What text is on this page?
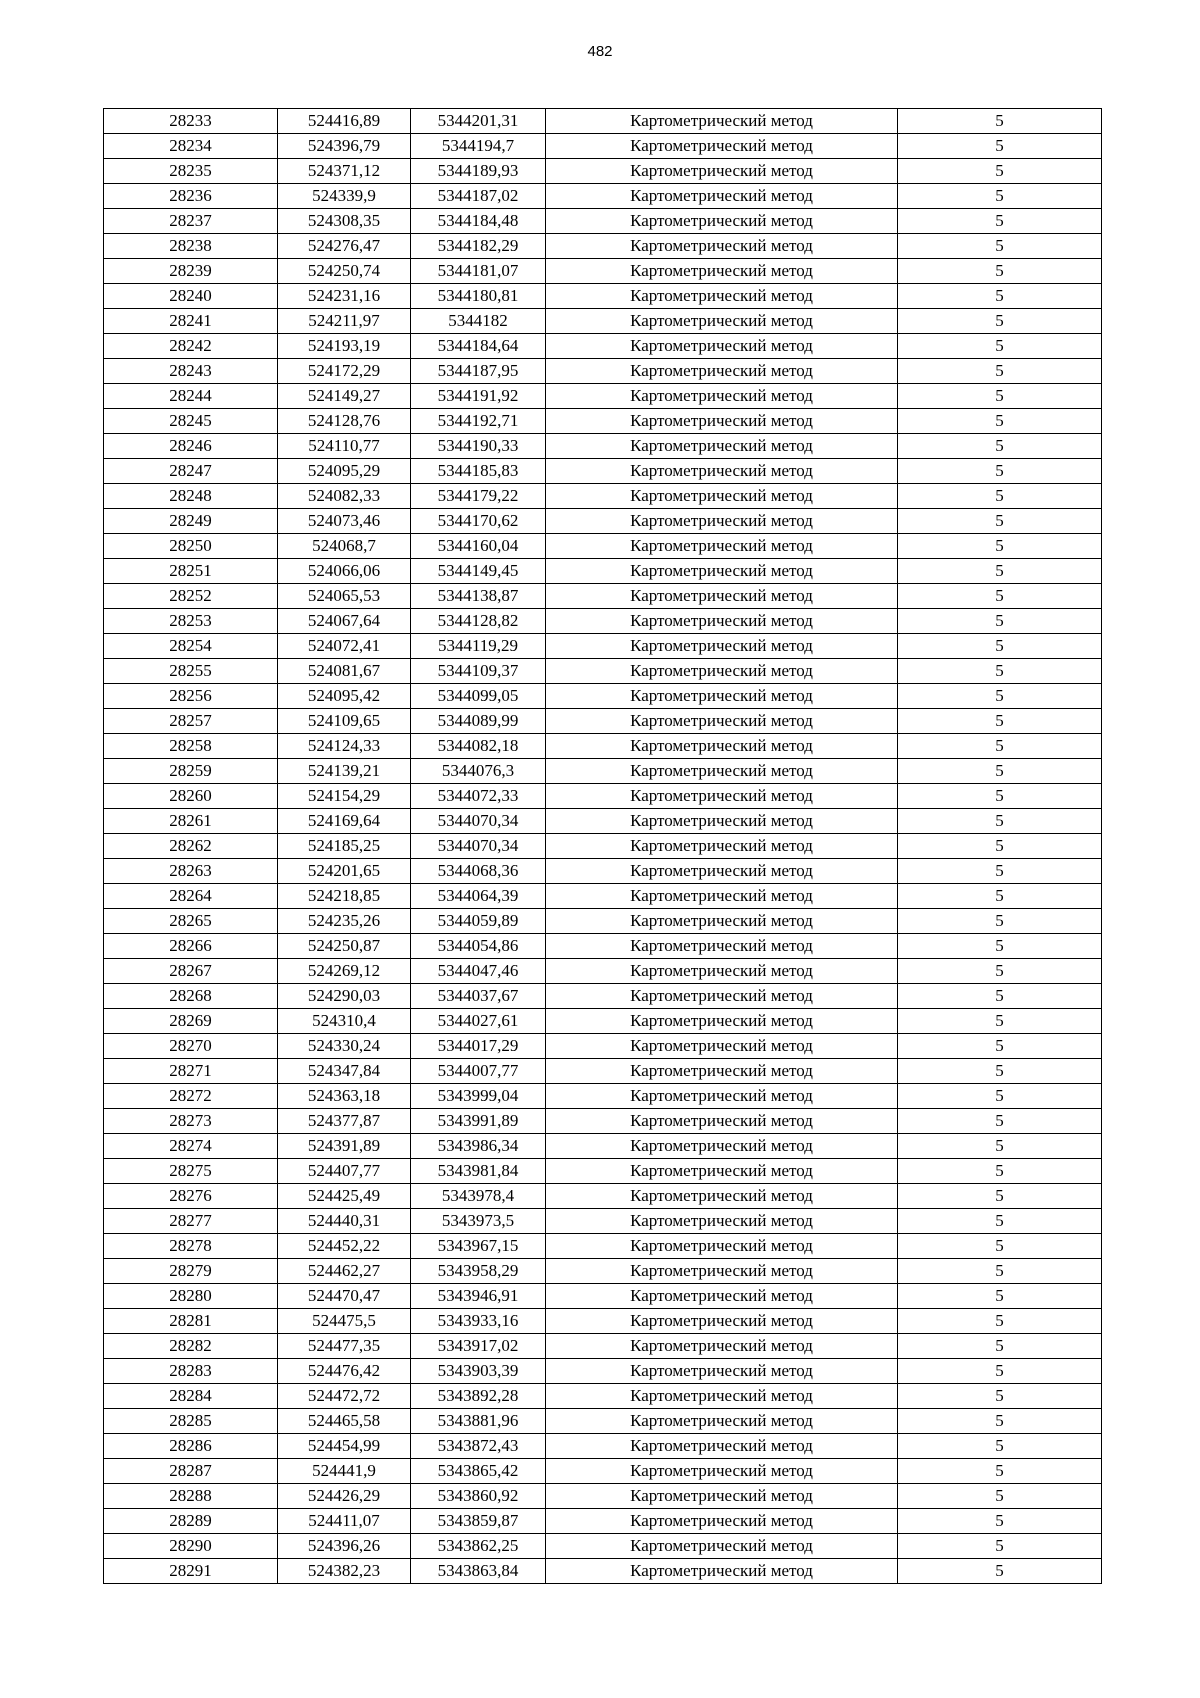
482
28233	524416,89	5344201,31	Картометрический метод	5
28234	524396,79	5344194,7	Картометрический метод	5
28235	524371,12	5344189,93	Картометрический метод	5
28236	524339,9	5344187,02	Картометрический метод	5
28237	524308,35	5344184,48	Картометрический метод	5
28238	524276,47	5344182,29	Картометрический метод	5
28239	524250,74	5344181,07	Картометрический метод	5
28240	524231,16	5344180,81	Картометрический метод	5
28241	524211,97	5344182	Картометрический метод	5
28242	524193,19	5344184,64	Картометрический метод	5
28243	524172,29	5344187,95	Картометрический метод	5
28244	524149,27	5344191,92	Картометрический метод	5
28245	524128,76	5344192,71	Картометрический метод	5
28246	524110,77	5344190,33	Картометрический метод	5
28247	524095,29	5344185,83	Картометрический метод	5
28248	524082,33	5344179,22	Картометрический метод	5
28249	524073,46	5344170,62	Картометрический метод	5
28250	524068,7	5344160,04	Картометрический метод	5
28251	524066,06	5344149,45	Картометрический метод	5
28252	524065,53	5344138,87	Картометрический метод	5
28253	524067,64	5344128,82	Картометрический метод	5
28254	524072,41	5344119,29	Картометрический метод	5
28255	524081,67	5344109,37	Картометрический метод	5
28256	524095,42	5344099,05	Картометрический метод	5
28257	524109,65	5344089,99	Картометрический метод	5
28258	524124,33	5344082,18	Картометрический метод	5
28259	524139,21	5344076,3	Картометрический метод	5
28260	524154,29	5344072,33	Картометрический метод	5
28261	524169,64	5344070,34	Картометрический метод	5
28262	524185,25	5344070,34	Картометрический метод	5
28263	524201,65	5344068,36	Картометрический метод	5
28264	524218,85	5344064,39	Картометрический метод	5
28265	524235,26	5344059,89	Картометрический метод	5
28266	524250,87	5344054,86	Картометрический метод	5
28267	524269,12	5344047,46	Картометрический метод	5
28268	524290,03	5344037,67	Картометрический метод	5
28269	524310,4	5344027,61	Картометрический метод	5
28270	524330,24	5344017,29	Картометрический метод	5
28271	524347,84	5344007,77	Картометрический метод	5
28272	524363,18	5343999,04	Картометрический метод	5
28273	524377,87	5343991,89	Картометрический метод	5
28274	524391,89	5343986,34	Картометрический метод	5
28275	524407,77	5343981,84	Картометрический метод	5
28276	524425,49	5343978,4	Картометрический метод	5
28277	524440,31	5343973,5	Картометрический метод	5
28278	524452,22	5343967,15	Картометрический метод	5
28279	524462,27	5343958,29	Картометрический метод	5
28280	524470,47	5343946,91	Картометрический метод	5
28281	524475,5	5343933,16	Картометрический метод	5
28282	524477,35	5343917,02	Картометрический метод	5
28283	524476,42	5343903,39	Картометрический метод	5
28284	524472,72	5343892,28	Картометрический метод	5
28285	524465,58	5343881,96	Картометрический метод	5
28286	524454,99	5343872,43	Картометрический метод	5
28287	524441,9	5343865,42	Картометрический метод	5
28288	524426,29	5343860,92	Картометрический метод	5
28289	524411,07	5343859,87	Картометрический метод	5
28290	524396,26	5343862,25	Картометрический метод	5
28291	524382,23	5343863,84	Картометрический метод	5
